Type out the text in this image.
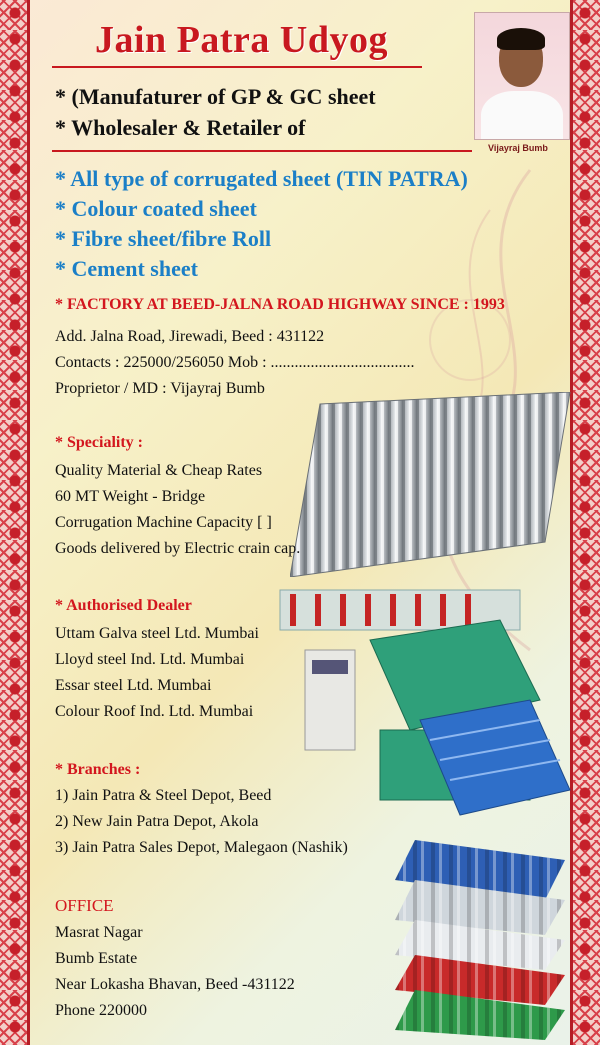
Jain Patra Udyog
Vijayraj Bumb
* (Manufaturer of GP & GC sheet
* Wholesaler & Retailer of
* All type of corrugated sheet (TIN PATRA)
* Colour coated sheet
* Fibre sheet/fibre Roll
* Cement sheet
* FACTORY AT BEED-JALNA ROAD HIGHWAY SINCE : 1993
Add. Jalna Road, Jirewadi, Beed : 431122
Contacts : 225000/256050 Mob : ....................................
Proprietor / MD : Vijayraj Bumb
* Speciality :
Quality Material & Cheap Rates
60 MT Weight - Bridge
Corrugation Machine Capacity [ ]
Goods delivered by Electric crain cap.
* Authorised Dealer
Uttam Galva steel Ltd. Mumbai
Lloyd steel Ind. Ltd. Mumbai
Essar steel Ltd. Mumbai
Colour Roof Ind. Ltd. Mumbai
* Branches :
1) Jain Patra & Steel Depot, Beed
2) New Jain Patra Depot, Akola
3) Jain Patra Sales Depot, Malegaon (Nashik)
OFFICE
Masrat Nagar
Bumb Estate
Near Lokasha Bhavan, Beed -431122
Phone 220000
